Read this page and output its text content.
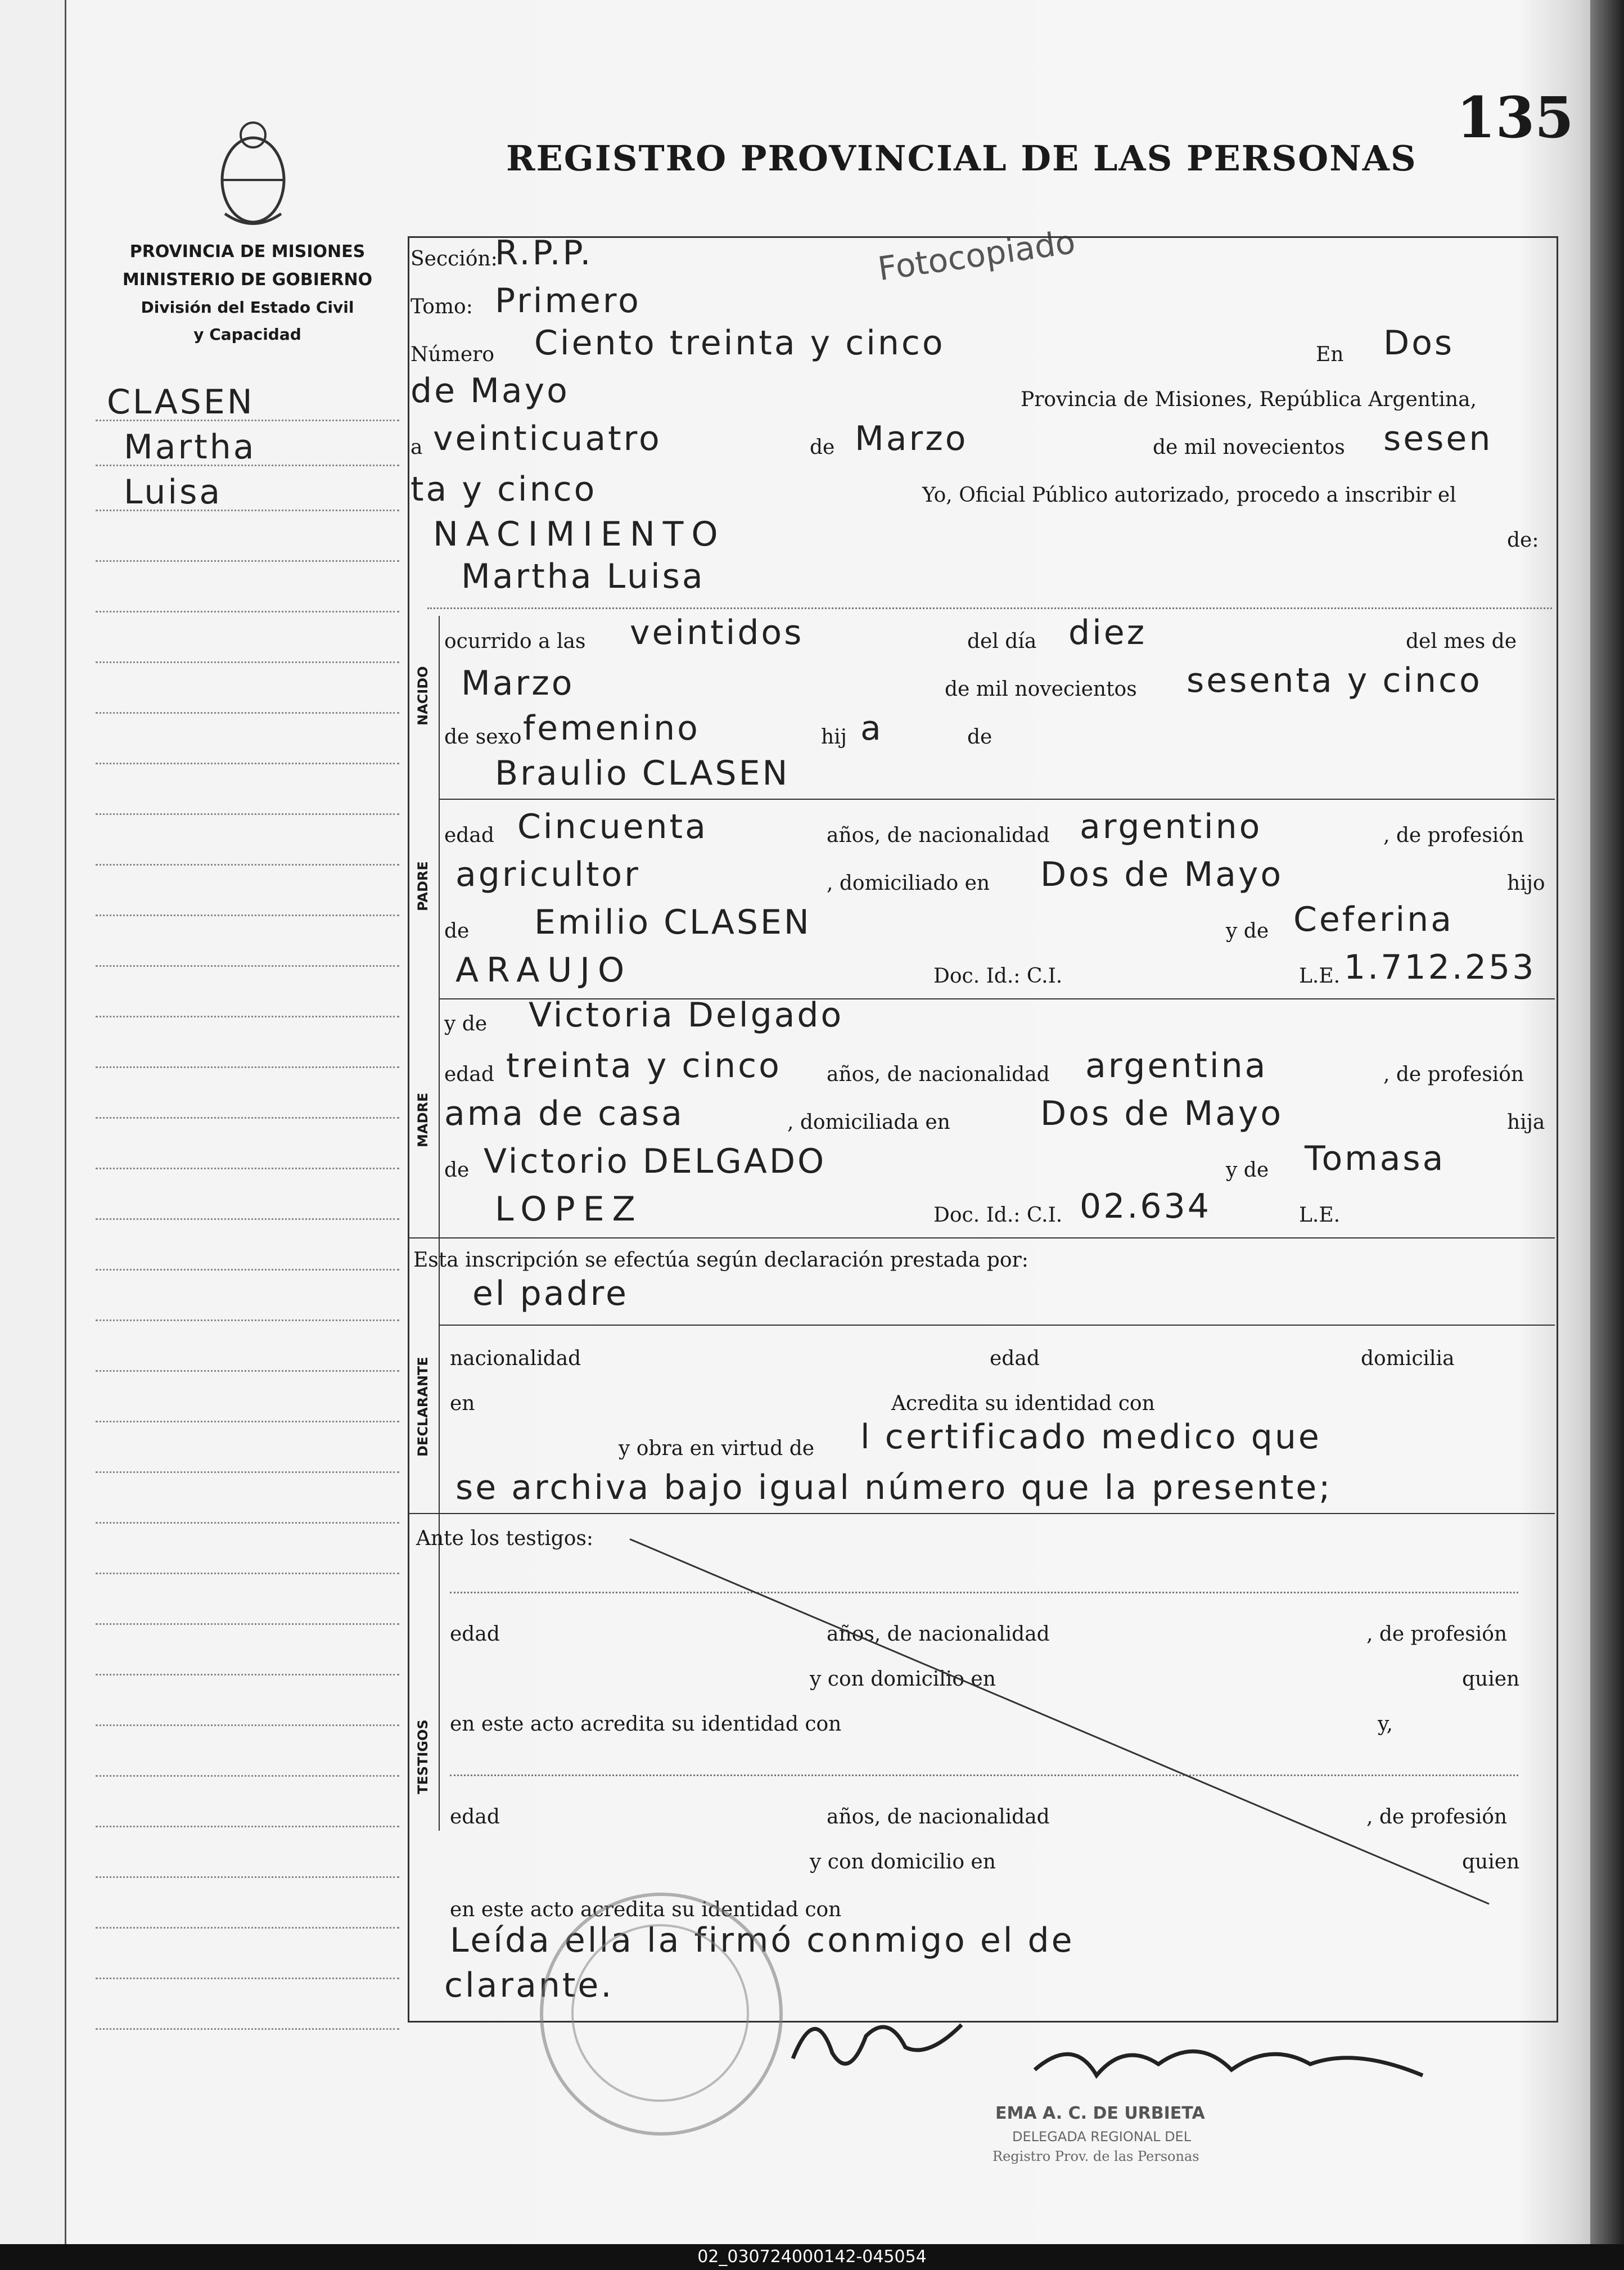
REGISTRO PROVINCIAL DE LAS PERSONAS
135
Fotocopiado
PROVINCIA DE MISIONES
MINISTERIO DE GOBIERNO
División del Estado Civil
y Capacidad
CLASEN
Martha
Luisa
Sección:
R.P.P.
Tomo: Primero
Número Ciento treinta y cinco	En Dos
de Mayo	Provincia de Misiones, República Argentina,
a veinticuatro	de Marzo	de mil novecientos sesen
ta y cinco	Yo, Oficial Público autorizado, procedo a inscribir el
NACIMIENTO	de:
Martha Luisa
NACIDO
ocurrido a las veintidos	del día diez	del mes de
Marzo	de mil novecientos sesenta y cinco
de sexo femenino	hij a	de
PADRE
Braulio CLASEN
edad Cincuenta	años, de nacionalidad argentino	, de profesión
agricultor	, domiciliado en Dos de Mayo	hijo
de Emilio CLASEN	y de Ceferina
ARAUJO	Doc. Id.: C.I.	L.E. 1.712.253
MADRE
y de Victoria Delgado
edad treinta y cinco años, de nacionalidad argentina	, de profesión
ama de casa	, domiciliada en	Dos de Mayo	hija
de Victorio DELGADO	y de Tomasa
LOPEZ	Doc. Id.: C.I. 02.634	L.E.
Esta inscripción se efectúa según declaración prestada por:
el padre
DECLARANTE nacionalidad	edad	domicilia
en	Acredita su identidad con
y obra en virtud de l certificado medico que
se archiva bajo igual número que la presente;
Ante los testigos:
TESTIGOS
edad	años, de nacionalidad	, de profesión
y con domicilio en	quien
en este acto acredita su identidad con	y,
edad	años, de nacionalidad	, de profesión
y con domicilio en	quien
en este acto acredita su identidad con
Leída ella la firmó conmigo el de
clarante.
EMA A. C. DE URBIETA
DELEGADA REGIONAL DEL
Registro Prov. de las Personas
02_030724000142-045054
